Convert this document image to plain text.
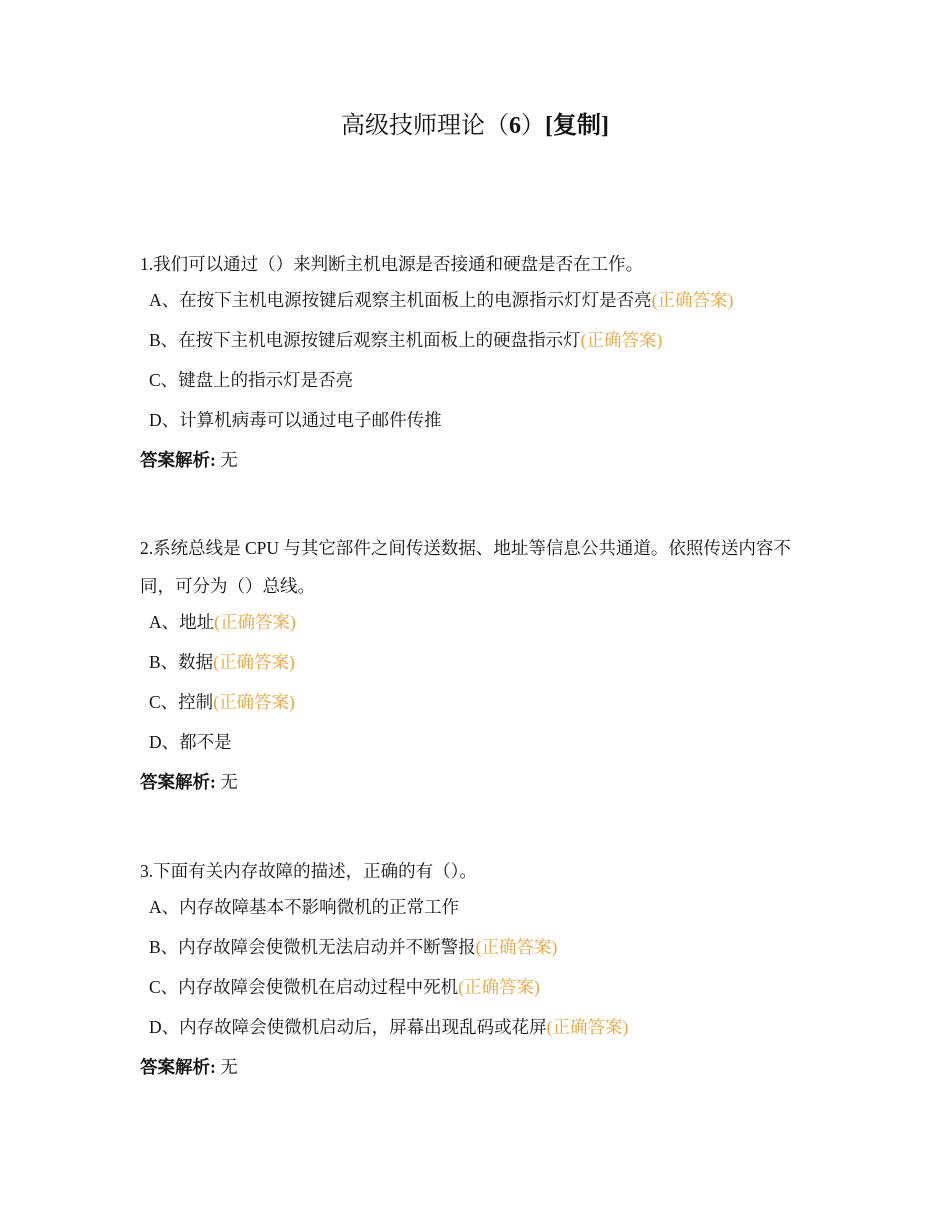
高级技师理论（6）[复制]
1.我们可以通过（）来判断主机电源是否接通和硬盘是否在工作。
A、在按下主机电源按键后观察主机面板上的电源指示灯灯是否亮(正确答案)
B、在按下主机电源按键后观察主机面板上的硬盘指示灯(正确答案)
C、键盘上的指示灯是否亮
D、计算机病毒可以通过电子邮件传推
答案解析: 无
2.系统总线是 CPU 与其它部件之间传送数据、地址等信息公共通道。依照传送内容不同，可分为（）总线。
A、地址(正确答案)
B、数据(正确答案)
C、控制(正确答案)
D、都不是
答案解析: 无
3.下面有关内存故障的描述，正确的有（）。
A、内存故障基本不影响微机的正常工作
B、内存故障会使微机无法启动并不断警报(正确答案)
C、内存故障会使微机在启动过程中死机(正确答案)
D、内存故障会使微机启动后，屏幕出现乱码或花屏(正确答案)
答案解析: 无
